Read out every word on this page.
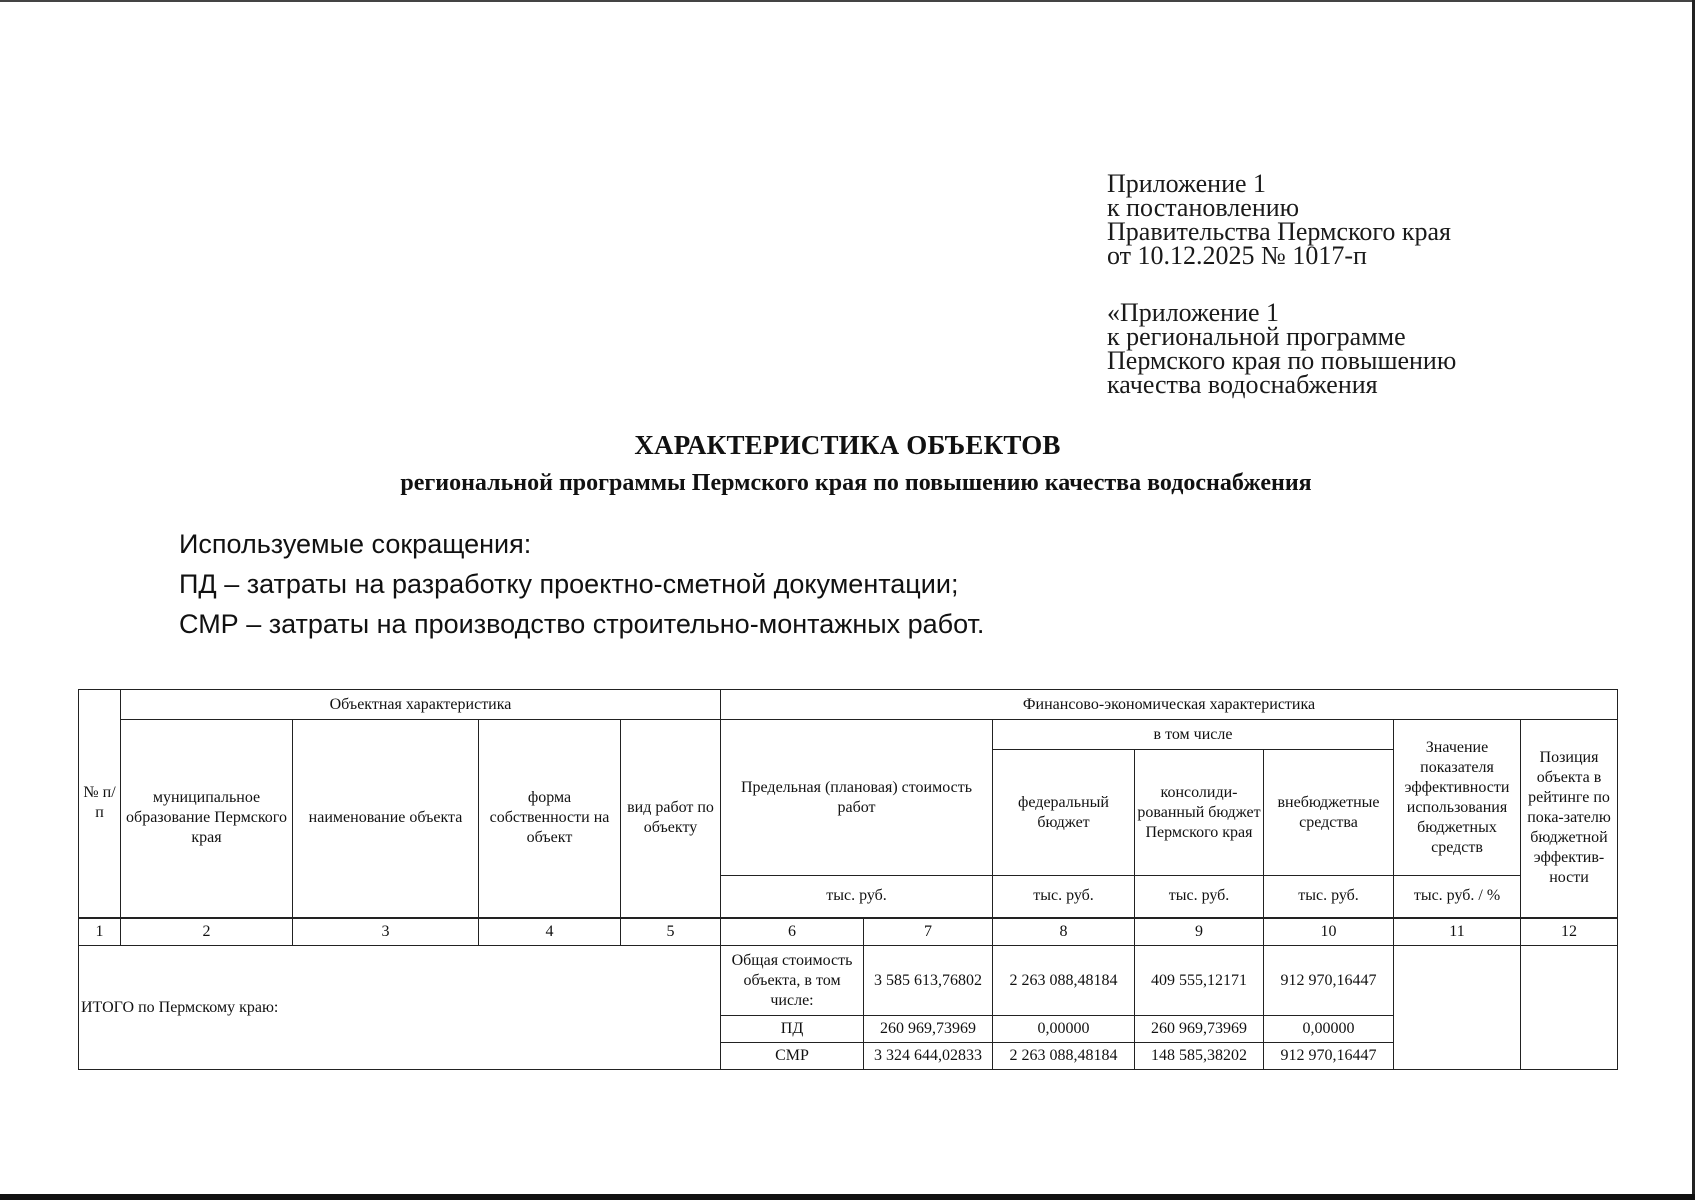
Приложение 1
к постановлению
Правительства Пермского края
от 10.12.2025 № 1017-п
«Приложение 1
к региональной программе
Пермского края по повышению
качества водоснабжения
ХАРАКТЕРИСТИКА ОБЪЕКТОВ
региональной программы Пермского края по повышению качества водоснабжения
Используемые сокращения:
ПД – затраты на разработку проектно-сметной документации;
СМР – затраты на производство строительно-монтажных работ.
№ п/п	Объектная характеристика				Финансово-экономическая характеристика						
	муниципальное образование Пермского края	наименование объекта	форма собственности на объект	вид работ по объекту	Предельная (плановая) стоимость работ		в том числе			Значение показателя эффективности использования бюджетных средств	Позиция объекта в рейтинге по пока-зателю бюджетной эффектив-ности
							федеральный бюджет	консолиди-рованный бюджет Пермского края	внебюджетные средства		
					тыс. руб.		тыс. руб.	тыс. руб.	тыс. руб.	тыс. руб. / %	
1	2	3	4	5	6	7	8	9	10	11	12
ИТОГО по Пермскому краю:					Общая стоимость объекта, в том числе:	3 585 613,76802	2 263 088,48184	409 555,12171	912 970,16447		
					ПД	260 969,73969	0,00000	260 969,73969	0,00000		
					СМР	3 324 644,02833	2 263 088,48184	148 585,38202	912 970,16447		
